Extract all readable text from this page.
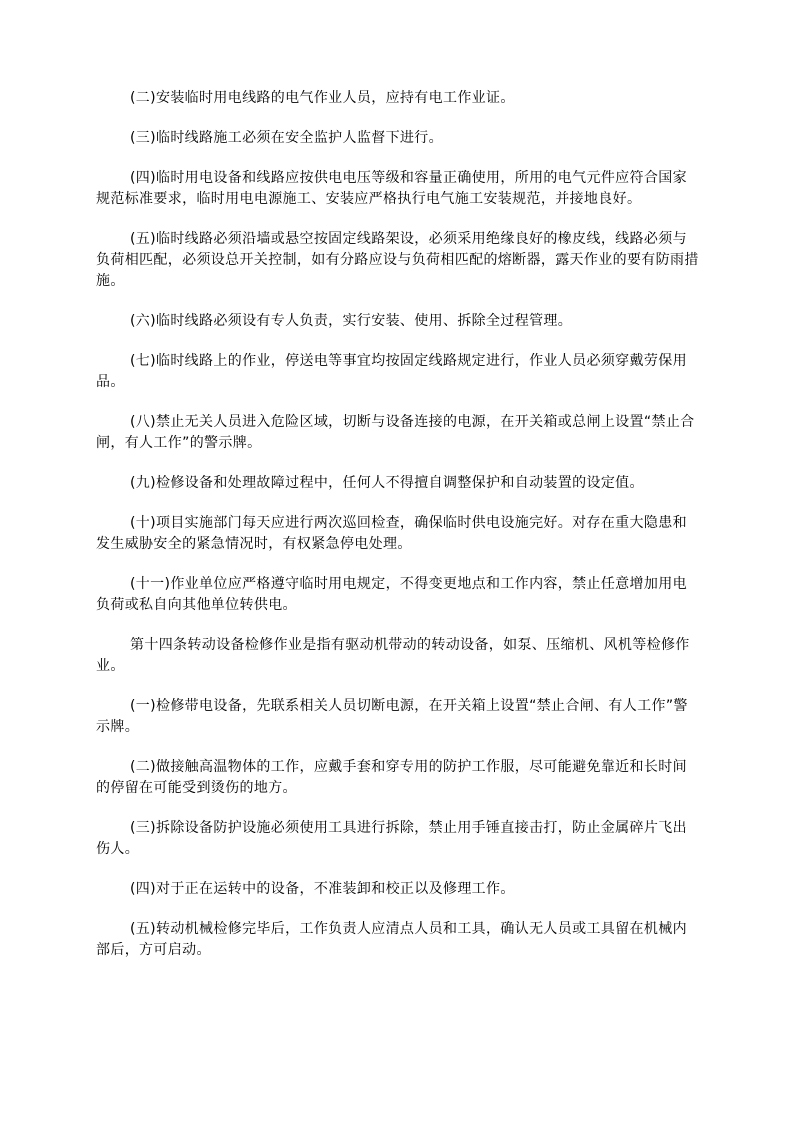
(二)安装临时用电线路的电气作业人员，应持有电工作业证。

(三)临时线路施工必须在安全监护人监督下进行。

(四)临时用电设备和线路应按供电电压等级和容量正确使用，所用的电气元件应符合国家规范标准要求，临时用电电源施工、安装应严格执行电气施工安装规范，并接地良好。

(五)临时线路必须沿墙或悬空按固定线路架设，必须采用绝缘良好的橡皮线，线路必须与负荷相匹配，必须设总开关控制，如有分路应设与负荷相匹配的熔断器，露天作业的要有防雨措施。

(六)临时线路必须设有专人负责，实行安装、使用、拆除全过程管理。

(七)临时线路上的作业，停送电等事宜均按固定线路规定进行，作业人员必须穿戴劳保用品。

(八)禁止无关人员进入危险区域，切断与设备连接的电源，在开关箱或总闸上设置“禁止合闸，有人工作”的警示牌。

(九)检修设备和处理故障过程中，任何人不得擅自调整保护和自动装置的设定值。

(十)项目实施部门每天应进行两次巡回检查，确保临时供电设施完好。对存在重大隐患和发生威胁安全的紧急情况时，有权紧急停电处理。

(十一)作业单位应严格遵守临时用电规定，不得变更地点和工作内容，禁止任意增加用电负荷或私自向其他单位转供电。

第十四条转动设备检修作业是指有驱动机带动的转动设备，如泵、压缩机、风机等检修作业。

(一)检修带电设备，先联系相关人员切断电源，在开关箱上设置“禁止合闸、有人工作”警示牌。

(二)做接触高温物体的工作，应戴手套和穿专用的防护工作服，尽可能避免靠近和长时间的停留在可能受到烫伤的地方。

(三)拆除设备防护设施必须使用工具进行拆除，禁止用手锤直接击打，防止金属碎片飞出伤人。

(四)对于正在运转中的设备，不准装卸和校正以及修理工作。

(五)转动机械检修完毕后，工作负责人应清点人员和工具，确认无人员或工具留在机械内部后，方可启动。
